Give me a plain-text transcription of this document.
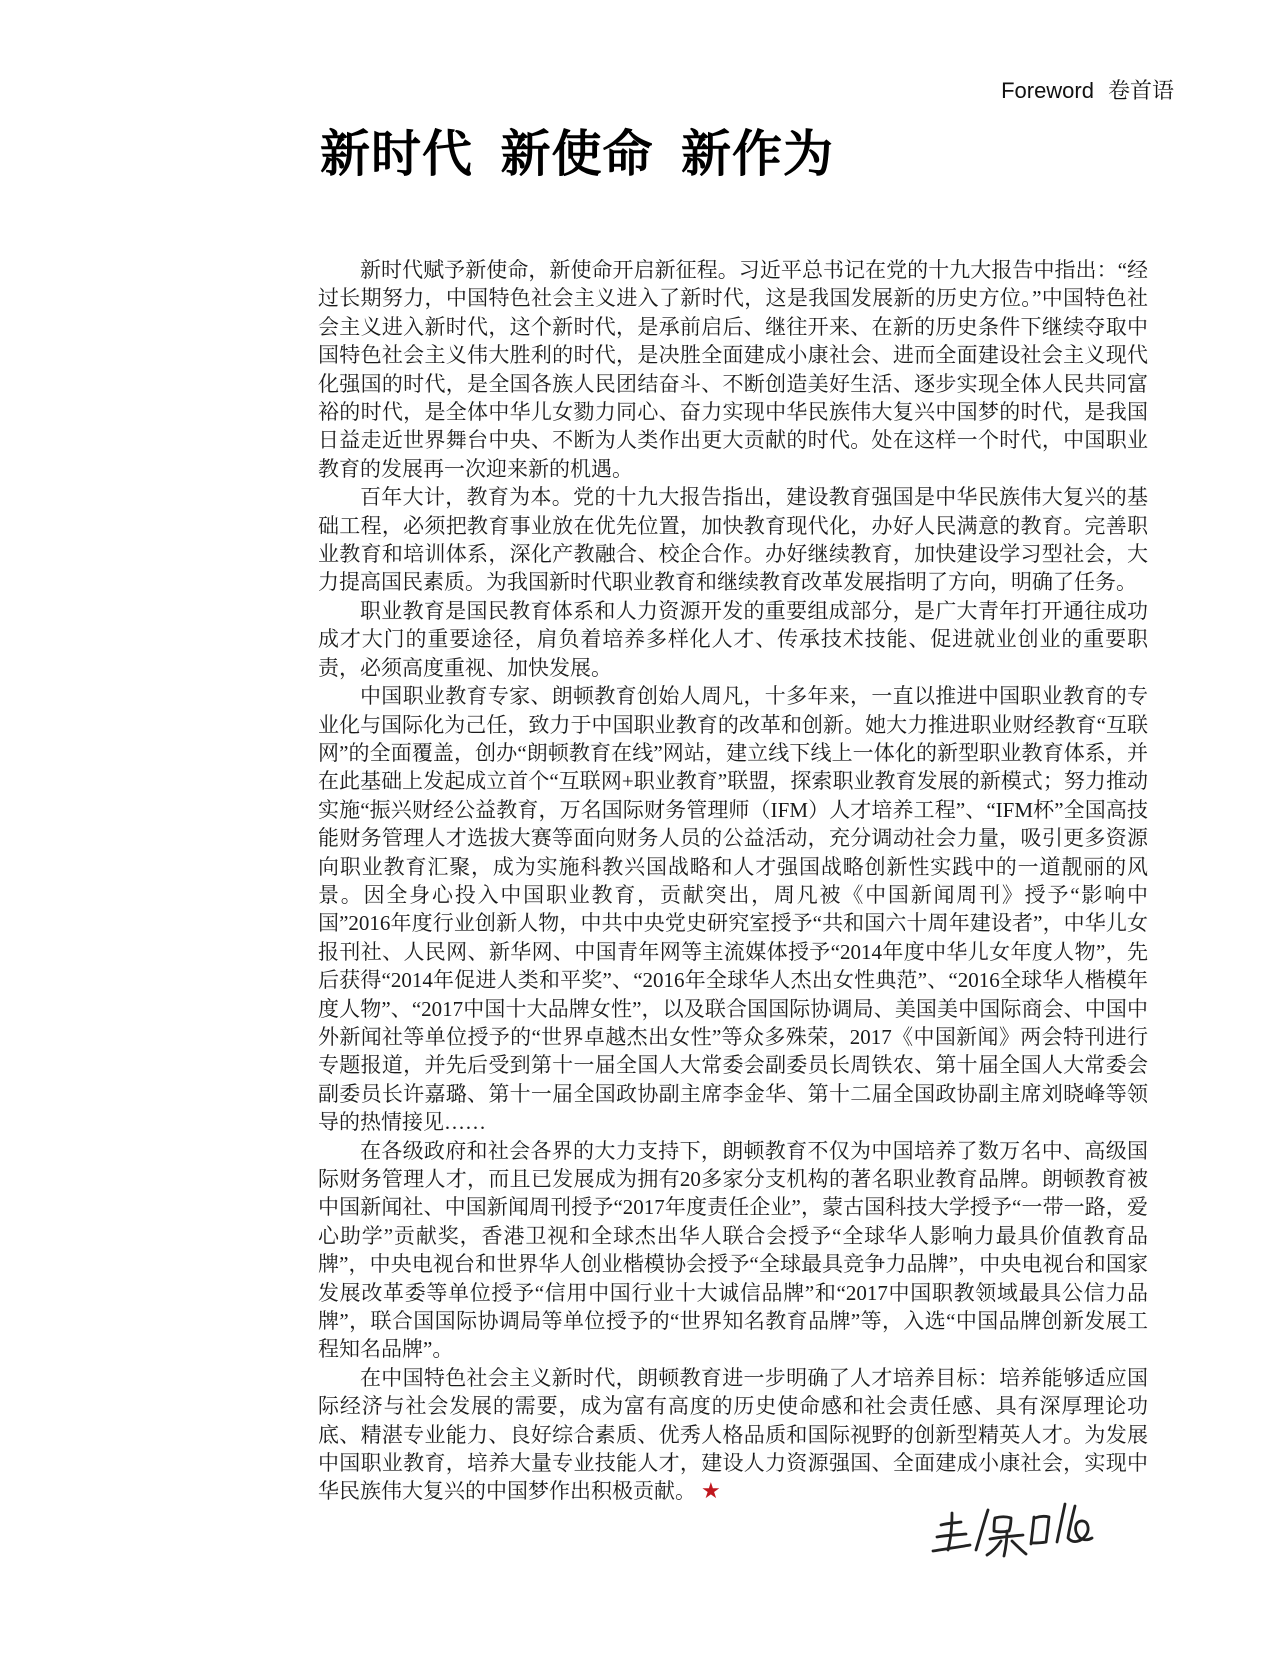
Foreword 卷首语
新时代 新使命 新作为

新时代赋予新使命，新使命开启新征程。习近平总书记在党的十九大报告中指出：“经过长期努力，中国特色社会主义进入了新时代，这是我国发展新的历史方位。”中国特色社会主义进入新时代，这个新时代，是承前启后、继往开来、在新的历史条件下继续夺取中国特色社会主义伟大胜利的时代，是决胜全面建成小康社会、进而全面建设社会主义现代化强国的时代，是全国各族人民团结奋斗、不断创造美好生活、逐步实现全体人民共同富裕的时代，是全体中华儿女勠力同心、奋力实现中华民族伟大复兴中国梦的时代，是我国日益走近世界舞台中央、不断为人类作出更大贡献的时代。处在这样一个时代，中国职业教育的发展再一次迎来新的机遇。

百年大计，教育为本。党的十九大报告指出，建设教育强国是中华民族伟大复兴的基础工程，必须把教育事业放在优先位置，加快教育现代化，办好人民满意的教育。完善职业教育和培训体系，深化产教融合、校企合作。办好继续教育，加快建设学习型社会，大力提高国民素质。为我国新时代职业教育和继续教育改革发展指明了方向，明确了任务。

职业教育是国民教育体系和人力资源开发的重要组成部分，是广大青年打开通往成功成才大门的重要途径，肩负着培养多样化人才、传承技术技能、促进就业创业的重要职责，必须高度重视、加快发展。

中国职业教育专家、朗顿教育创始人周凡，十多年来，一直以推进中国职业教育的专业化与国际化为己任，致力于中国职业教育的改革和创新。她大力推进职业财经教育“互联网”的全面覆盖，创办“朗顿教育在线”网站，建立线下线上一体化的新型职业教育体系，并在此基础上发起成立首个“互联网+职业教育”联盟，探索职业教育发展的新模式；努力推动实施“振兴财经公益教育，万名国际财务管理师（IFM）人才培养工程”、“IFM杯”全国高技能财务管理人才选拔大赛等面向财务人员的公益活动，充分调动社会力量，吸引更多资源向职业教育汇聚，成为实施科教兴国战略和人才强国战略创新性实践中的一道靓丽的风景。因全身心投入中国职业教育，贡献突出，周凡被《中国新闻周刊》授予“影响中国”2016年度行业创新人物，中共中央党史研究室授予“共和国六十周年建设者”，中华儿女报刊社、人民网、新华网、中国青年网等主流媒体授予“2014年度中华儿女年度人物”，先后获得“2014年促进人类和平奖”、“2016年全球华人杰出女性典范”、“2016全球华人楷模年度人物”、“2017中国十大品牌女性”，以及联合国国际协调局、美国美中国际商会、中国中外新闻社等单位授予的“世界卓越杰出女性”等众多殊荣，2017《中国新闻》两会特刊进行专题报道，并先后受到第十一届全国人大常委会副委员长周铁农、第十届全国人大常委会副委员长许嘉璐、第十一届全国政协副主席李金华、第十二届全国政协副主席刘晓峰等领导的热情接见……

在各级政府和社会各界的大力支持下，朗顿教育不仅为中国培养了数万名中、高级国际财务管理人才，而且已发展成为拥有20多家分支机构的著名职业教育品牌。朗顿教育被中国新闻社、中国新闻周刊授予“2017年度责任企业”，蒙古国科技大学授予“一带一路，爱心助学”贡献奖，香港卫视和全球杰出华人联合会授予“全球华人影响力最具价值教育品牌”，中央电视台和世界华人创业楷模协会授予“全球最具竞争力品牌”，中央电视台和国家发展改革委等单位授予“信用中国行业十大诚信品牌”和“2017中国职教领域最具公信力品牌”，联合国国际协调局等单位授予的“世界知名教育品牌”等，入选“中国品牌创新发展工程知名品牌”。

在中国特色社会主义新时代，朗顿教育进一步明确了人才培养目标：培养能够适应国际经济与社会发展的需要，成为富有高度的历史使命感和社会责任感、具有深厚理论功底、精湛专业能力、良好综合素质、优秀人格品质和国际视野的创新型精英人才。为发展中国职业教育，培养大量专业技能人才，建设人力资源强国、全面建成小康社会，实现中华民族伟大复兴的中国梦作出积极贡献。 ★
